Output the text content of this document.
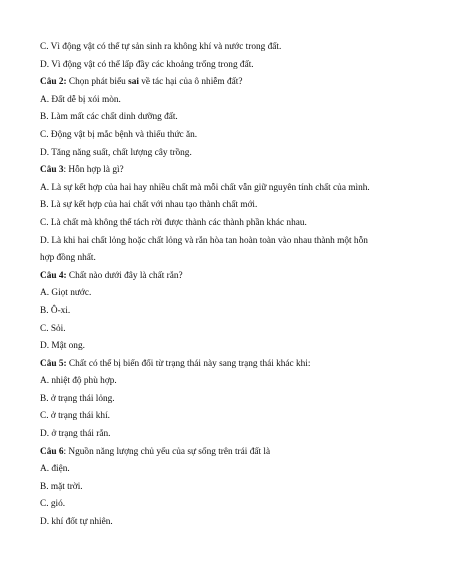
C. Vì động vật có thể tự sản sinh ra không khí và nước trong đất.
D. Vì động vật có thể lấp đầy các khoảng trống trong đất.
Câu 2: Chọn phát biểu sai về tác hại của ô nhiễm đất?
A. Đất dễ bị xói mòn.
B. Làm mất các chất dinh dưỡng đất.
C. Động vật bị mắc bệnh và thiếu thức ăn.
D. Tăng năng suất, chất lượng cây trồng.
Câu 3: Hỗn hợp là gì?
A. Là sự kết hợp của hai hay nhiều chất mà mỗi chất vẫn giữ nguyên tính chất của mình.
B. Là sự kết hợp của hai chất với nhau tạo thành chất mới.
C. Là chất mà không thể tách rời được thành các thành phần khác nhau.
D. Là khi hai chất lỏng hoặc chất lỏng và rắn hòa tan hoàn toàn vào nhau thành một hỗn
hợp đồng nhất.
Câu 4: Chất nào dưới đây là chất rắn?
A. Giọt nước.
B. Ô-xi.
C. Sỏi.
D. Mật ong.
Câu 5: Chất có thể bị biến đổi từ trạng thái này sang trạng thái khác khi:
A. nhiệt độ phù hợp.
B. ở trạng thái lỏng.
C. ở trạng thái khí.
D. ở trạng thái rắn.
Câu 6: Nguồn năng lượng chủ yếu của sự sống trên trái đất là
A. điện.
B. mặt trời.
C. gió.
D. khí đốt tự nhiên.
